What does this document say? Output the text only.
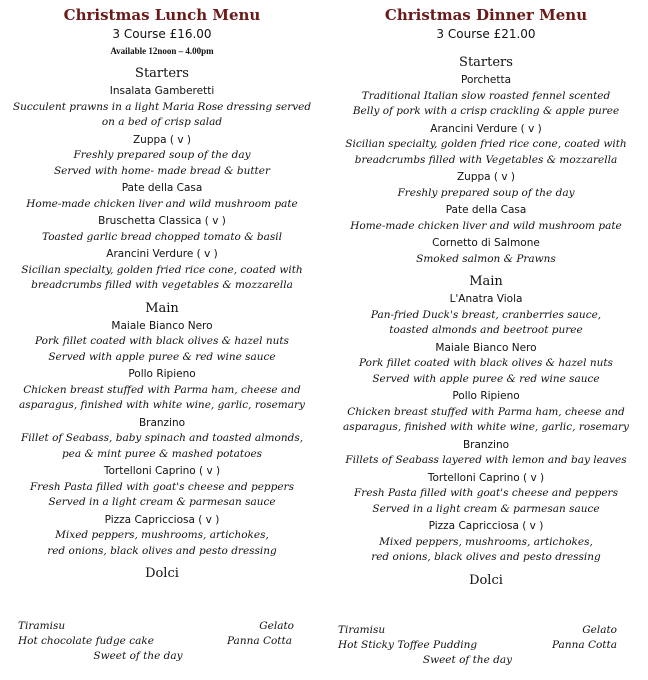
Christmas Lunch Menu
3 Course £16.00
Available 12noon – 4.00pm
Starters
Insalata Gamberetti
Succulent prawns in a light Maria Rose dressing served
on a bed of crisp salad
Zuppa ( v )
Freshly prepared soup of the day
Served with home- made bread & butter
Pate della Casa
Home-made chicken liver and wild mushroom pate
Bruschetta Classica ( v )
Toasted garlic bread chopped tomato & basil
Arancini Verdure ( v )
Sicilian specialty, golden fried rice cone, coated with
breadcrumbs filled with vegetables & mozzarella
Main
Maiale Bianco Nero
Pork fillet coated with black olives & hazel nuts
Served with apple puree & red wine sauce
Pollo Ripieno
Chicken breast stuffed with Parma ham, cheese and
asparagus, finished with white wine, garlic, rosemary
Branzino
Fillet of Seabass, baby spinach and toasted almonds,
pea & mint puree & mashed potatoes
Tortelloni Caprino ( v )
Fresh Pasta filled with goat's cheese and peppers
Served in a light cream & parmesan sauce
Pizza Capricciosa ( v )
Mixed peppers, mushrooms, artichokes,
red onions, black olives and pesto dressing
Dolci
Tiramisu	Gelato
Hot chocolate fudge cake	Panna Cotta
Sweet of the day
Christmas Dinner Menu
3 Course £21.00
Starters
Porchetta
Traditional Italian slow roasted fennel scented
Belly of pork with a crisp crackling & apple puree
Arancini Verdure ( v )
Sicilian specialty, golden fried rice cone, coated with
breadcrumbs filled with Vegetables & mozzarella
Zuppa ( v )
Freshly prepared soup of the day
Pate della Casa
Home-made chicken liver and wild mushroom pate
Cornetto di Salmone
Smoked salmon & Prawns
Main
L'Anatra Viola
Pan-fried Duck's breast, cranberries sauce,
toasted almonds and beetroot puree
Maiale Bianco Nero
Pork fillet coated with black olives & hazel nuts
Served with apple puree & red wine sauce
Pollo Ripieno
Chicken breast stuffed with Parma ham, cheese and
asparagus, finished with white wine, garlic, rosemary
Branzino
Fillets of Seabass layered with lemon and bay leaves
Tortelloni Caprino ( v )
Fresh Pasta filled with goat's cheese and peppers
Served in a light cream & parmesan sauce
Pizza Capricciosa ( v )
Mixed peppers, mushrooms, artichokes,
red onions, black olives and pesto dressing
Dolci
Tiramisu	Gelato
Hot Sticky Toffee Pudding	Panna Cotta
Sweet of the day
